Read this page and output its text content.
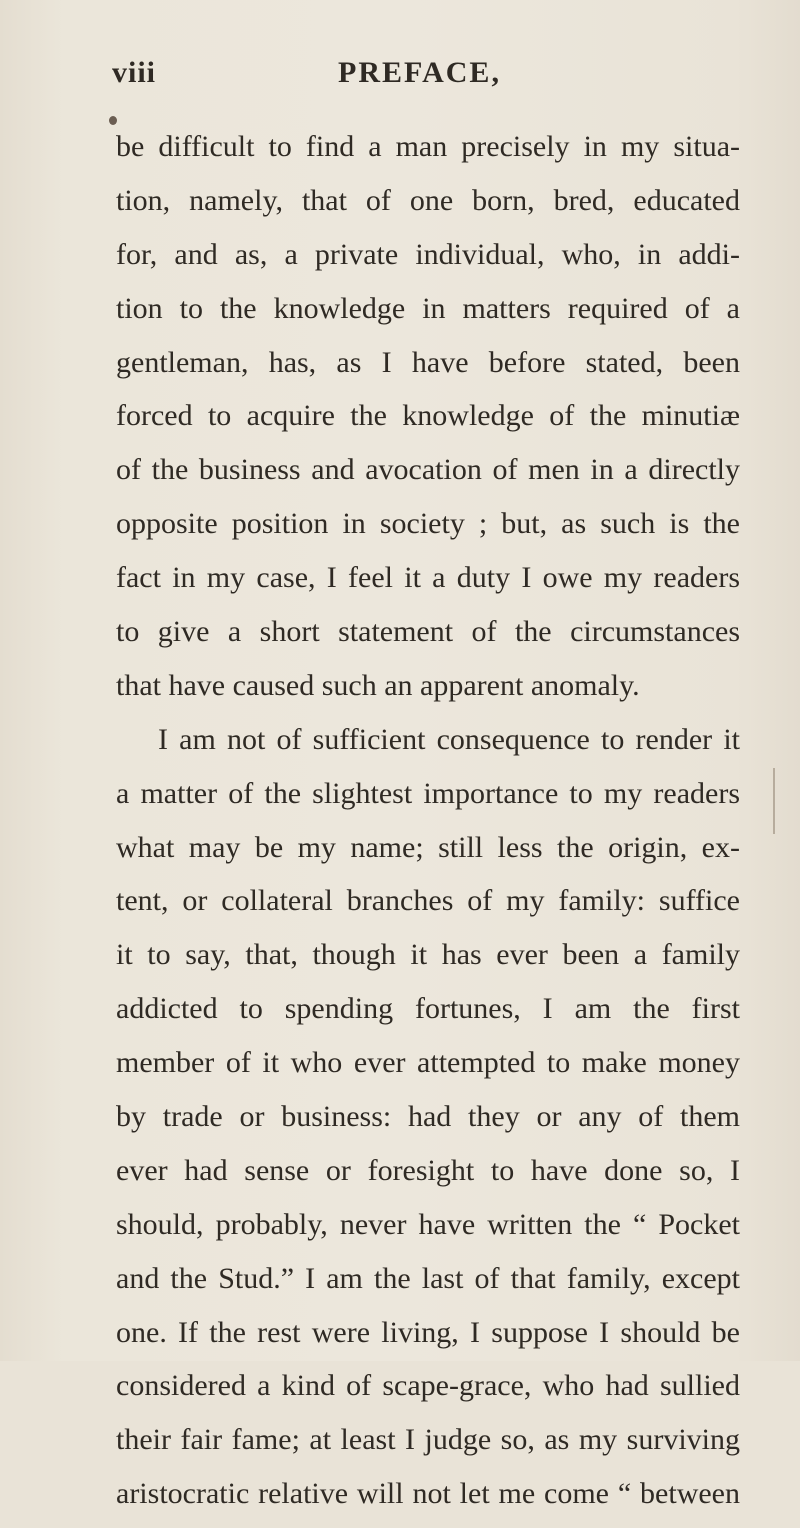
viii	PREFACE,
be difficult to find a man precisely in my situa-
tion, namely, that of one born, bred, educated
for, and as, a private individual, who, in addi-
tion to the knowledge in matters required of a
gentleman, has, as I have before stated, been
forced to acquire the knowledge of the minutiæ
of the business and avocation of men in a directly
opposite position in society ; but, as such is the
fact in my case, I feel it a duty I owe my readers
to give a short statement of the circumstances
that have caused such an apparent anomaly.
I am not of sufficient consequence to render it
a matter of the slightest importance to my readers
what may be my name; still less the origin, ex-
tent, or collateral branches of my family: suffice
it to say, that, though it has ever been a family
addicted to spending fortunes, I am the first
member of it who ever attempted to make money
by trade or business: had they or any of them
ever had sense or foresight to have done so, I
should, probably, never have written the “ Pocket
and the Stud.” I am the last of that family, except
one. If the rest were living, I suppose I should be
considered a kind of scape-grace, who had sullied
their fair fame; at least I judge so, as my surviving
aristocratic relative will not let me come “ between
